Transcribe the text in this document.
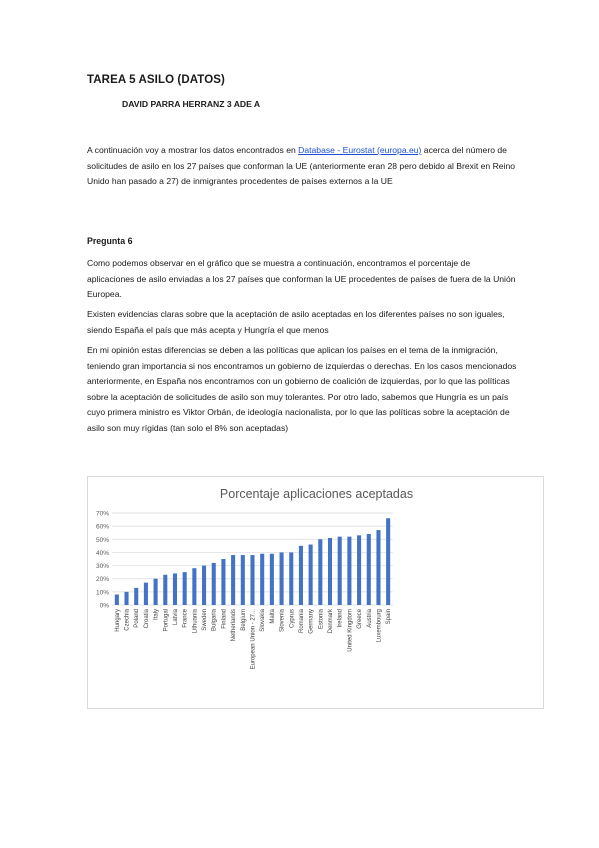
TAREA 5 ASILO (DATOS)
DAVID PARRA HERRANZ 3 ADE A
A continuación voy a mostrar los datos encontrados en Database - Eurostat (europa.eu) acerca del número de solicitudes de asilo en los 27 países que conforman la UE (anteriormente eran 28 pero debido al Brexit en Reino Unido han pasado a 27) de inmigrantes procedentes de países externos a la UE
Pregunta 6
Como podemos observar en el gráfico que se muestra a continuación, encontramos el porcentaje de aplicaciones de asilo enviadas a los 27 países que conforman la UE procedentes de países de fuera de la Unión Europea.
Existen evidencias claras sobre que la aceptación de asilo aceptadas en los diferentes países no son iguales, siendo España el país que más acepta y Hungría el que menos
En mi opinión estas diferencias se deben a las políticas que aplican los países en el tema de la inmigración, teniendo gran importancia si nos encontramos un gobierno de izquierdas o derechas. En los casos mencionados anteriormente, en España nos encontramos con un gobierno de coalición de izquierdas, por lo que las políticas sobre la aceptación de solicitudes de asilo son muy tolerantes. Por otro lado, sabemos que Hungría es un país cuyo primera ministro es Viktor Orbán, de ideología nacionalista, por lo que las políticas sobre la aceptación de asilo son muy rígidas (tan solo el 8% son aceptadas)
Porcentaje aplicaciones aceptadas
0%
10%
20%
30%
40%
50%
60%
70%
Hungary Czechia Poland Croatia Italy Portugal Latvia France Lithuania Sweden Bulgaria Finland Netherlands Belgium European Union - 27... Slovakia Malta Slovenia Cyprus Romania Germany Estonia Denmark Ireland United Kingdom Greece Austria Luxembourg Spain
